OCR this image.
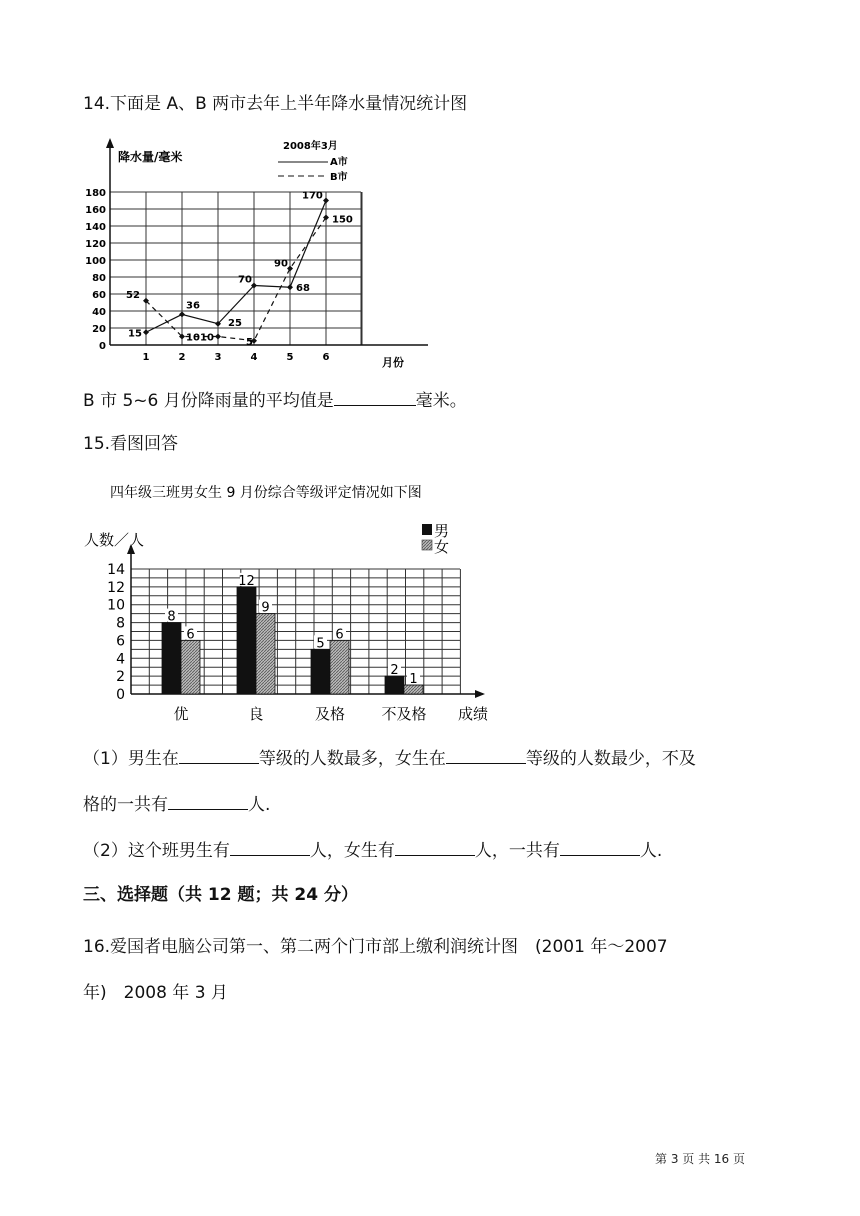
14.下面是 A、B 两市去年上半年降水量情况统计图
0
20
40
60
80
100
120
140
160
180
降水量/毫米
月份
1	2	3	4	5	6
2008年3月
A市
B市
52
15
36
10
25
10
70
5
90
68
170
150
B 市 5~6 月份降雨量的平均值是	毫米。
15.看图回答
四年级三班男女生 9 月份综合等级评定情况如下图
0
2
4
6
8
10
12
14
人数／人
成绩
男
女
优
8
6
良
12
9
及格
5
6
不及格
2
1
（1）男生在	等级的人数最多，女生在	等级的人数最少，不及
格的一共有	人.
（2）这个班男生有	人，女生有	人，一共有	人.
三、选择题（共 12 题；共 24 分）
16.爱国者电脑公司第一、第二两个门市部上缴利润统计图　(2001 年～2007
年)　2008 年 3 月
第 3 页 共 16 页
